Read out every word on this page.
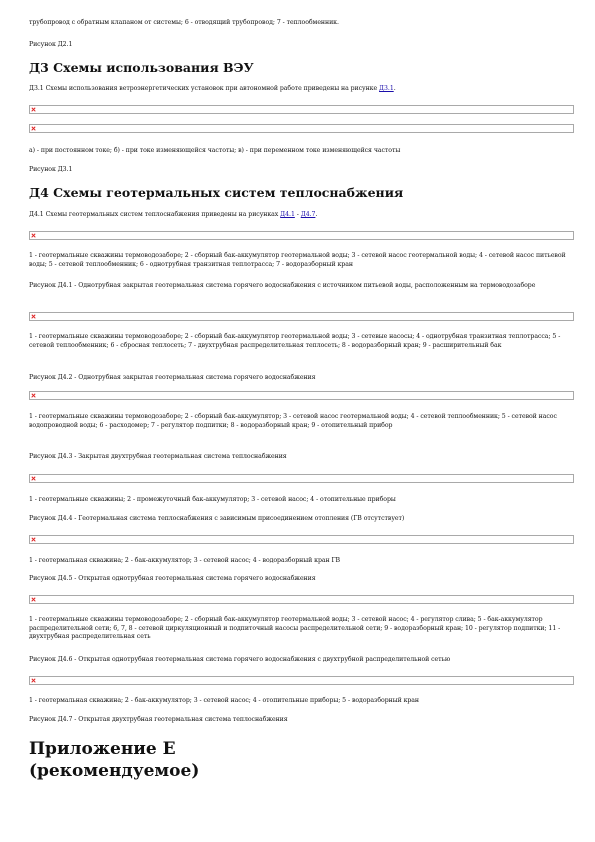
трубопровод с обратным клапаном от системы; 6 - отводящий трубопровод; 7 - теплообменник.

Рисунок Д2.1

Д3 Схемы использования ВЭУ

Д3.1 Схемы использования ветроэнергетических установок при автономной работе приведены на рисунке Д3.1.

а) - при постоянном токе; б) - при токе изменяющейся частоты; в) - при переменном токе изменяющейся частоты

Рисунок Д3.1

Д4 Схемы геотермальных систем теплоснабжения

Д4.1 Схемы геотермальных систем теплоснабжения приведены на рисунках Д4.1 - Д4.7.

1 - геотермальные скважины термоводозаборе; 2 - сборный бак-аккумулятор геотермальной воды; 3 - сетевой насос геотермальной воды; 4 - сетевой насос питьевой воды; 5 - сетевой теплообменник; 6 - однотрубная транзитная теплотрасса; 7 - водоразборный кран

Рисунок Д4.1 - Однотрубная закрытая геотермальная система горячего водоснабжения с источником питьевой воды, расположенным на термоводозаборе

1 - геотермальные скважины термоводозаборе; 2 - сборный бак-аккумулятор геотермальной воды; 3 - сетевые насосы; 4 - однотрубная транзитная теплотрасса; 5 - сетевой теплообменник; 6 - сбросная теплосеть; 7 - двухтрубная распределительная теплосеть; 8 - водоразборный кран; 9 - расширительный бак

Рисунок Д4.2 - Однотрубная закрытая геотермальная система горячего водоснабжения

1 - геотермальные скважины термоводозаборе; 2 - сборный бак-аккумулятор; 3 - сетевой насос геотермальной воды; 4 - сетевой теплообменник; 5 - сетевой насос водопроводной воды; 6 - расходомер; 7 - регулятор подпитки; 8 - водоразборный кран; 9 - отопительный прибор

Рисунок Д4.3 - Закрытая двухтрубная геотермальная система теплоснабжения

1 - геотермальные скважины; 2 - промежуточный бак-аккумулятор; 3 - сетевой насос; 4 - отопительные приборы

Рисунок Д4.4 - Геотермальная система теплоснабжения с зависимым присоединением отопления (ГВ отсутствует)

1 - геотермальная скважина; 2 - бак-аккумулятор; 3 - сетевой насос; 4 - водоразборный кран ГВ

Рисунок Д4.5 - Открытая однотрубная геотермальная система горячего водоснабжения

1 - геотермальные скважины термоводозаборе; 2 - сборный бак-аккумулятор геотермальной воды; 3 - сетевой насос; 4 - регулятор слива; 5 - бак-аккумулятор распределительной сети; 6, 7, 8 - сетевой циркуляционный и подпиточный насосы распределительной сети; 9 - водоразборный кран; 10 - регулятор подпитки; 11 - двухтрубная распределительная сеть

Рисунок Д4.6 - Открытая однотрубная геотермальная система горячего водоснабжения с двухтрубной распределительной сетью

1 - геотермальная скважина; 2 - бак-аккумулятор; 3 - сетевой насос; 4 - отопительные приборы; 5 - водоразборный кран

Рисунок Д4.7 - Открытая двухтрубная геотермальная система теплоснабжения

Приложение Е
(рекомендуемое)
